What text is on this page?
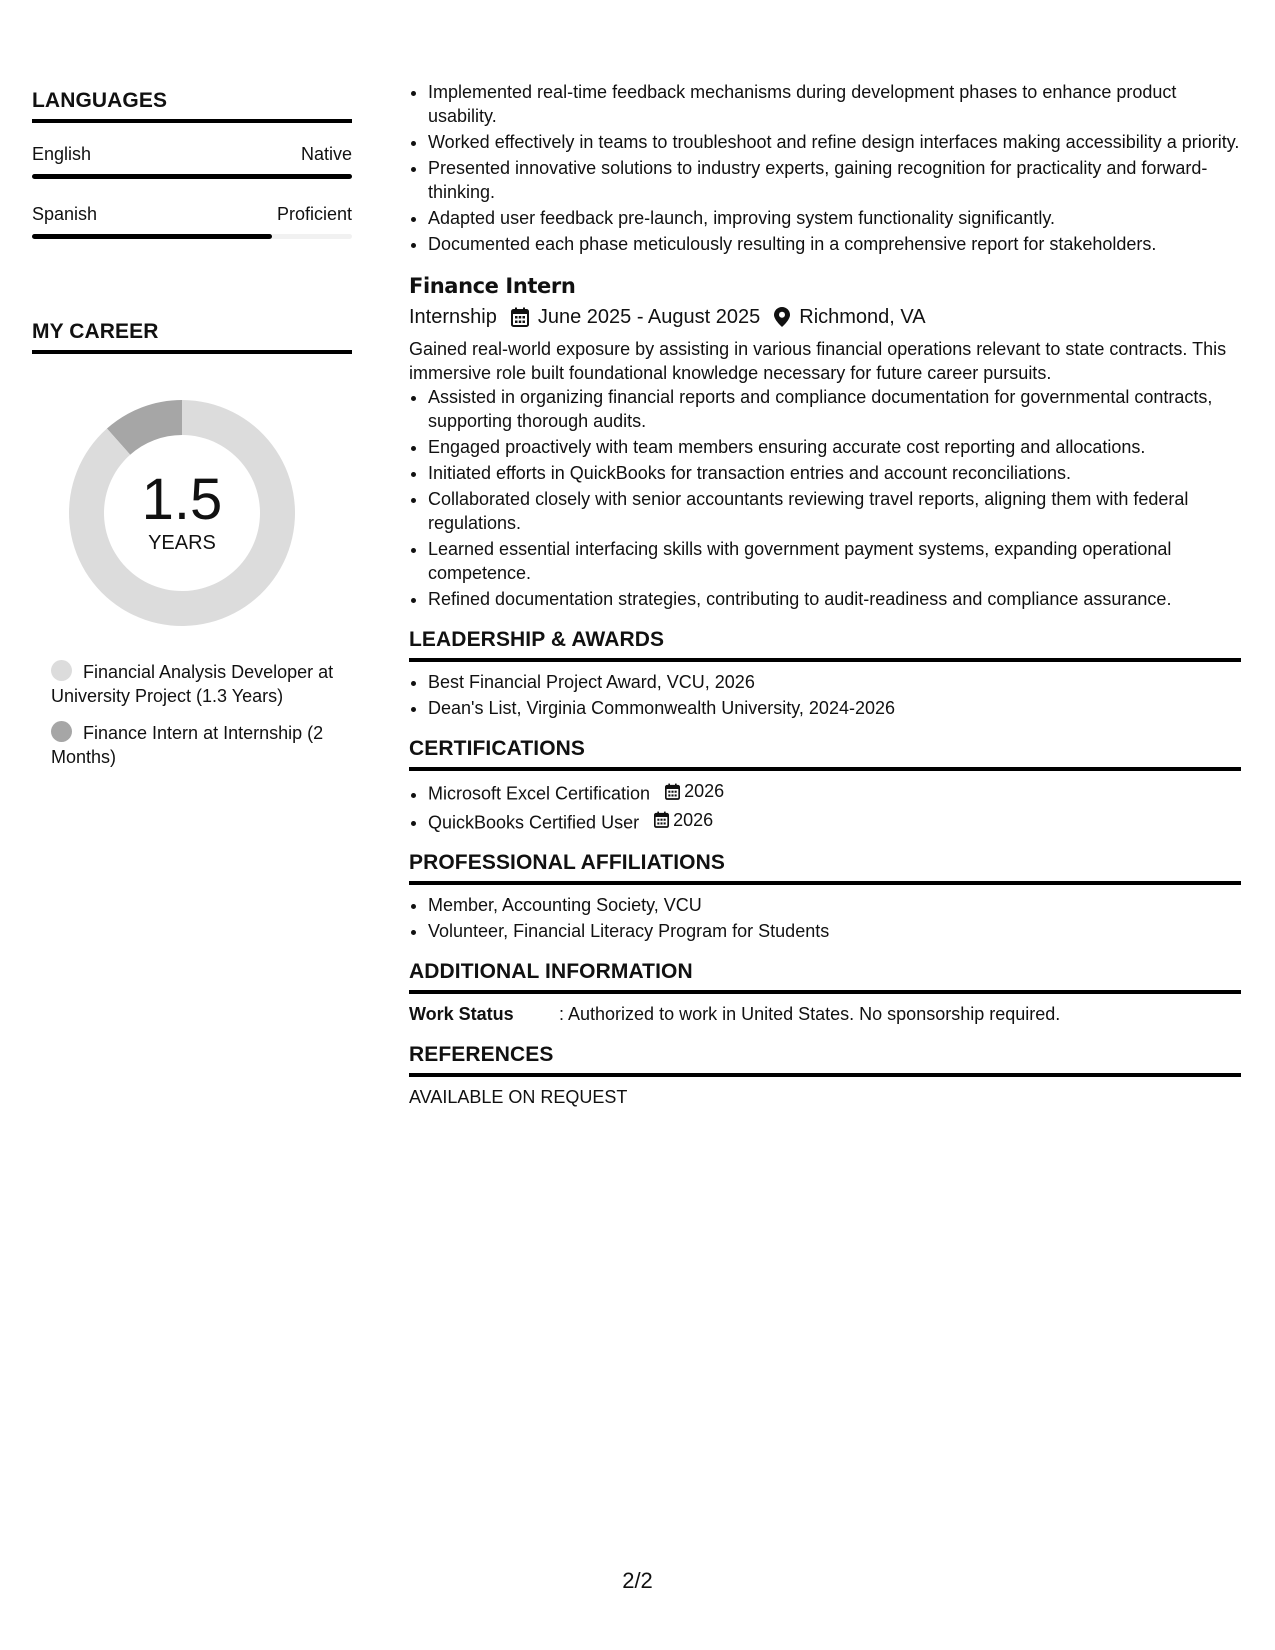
LANGUAGES
English	Native
Spanish	Proficient
MY CAREER
1.5
YEARS
Financial Analysis Developer at University Project (1.3 Years)
Finance Intern at Internship (2 Months)
• Implemented real-time feedback mechanisms during development phases to enhance product usability.
• Worked effectively in teams to troubleshoot and refine design interfaces making accessibility a priority.
• Presented innovative solutions to industry experts, gaining recognition for practicality and forward-thinking.
• Adapted user feedback pre-launch, improving system functionality significantly.
• Documented each phase meticulously resulting in a comprehensive report for stakeholders.
Finance Intern
Internship June 2025 - August 2025 Richmond, VA
Gained real-world exposure by assisting in various financial operations relevant to state contracts. This immersive role built foundational knowledge necessary for future career pursuits.
• Assisted in organizing financial reports and compliance documentation for governmental contracts, supporting thorough audits.
• Engaged proactively with team members ensuring accurate cost reporting and allocations.
• Initiated efforts in QuickBooks for transaction entries and account reconciliations.
• Collaborated closely with senior accountants reviewing travel reports, aligning them with federal regulations.
• Learned essential interfacing skills with government payment systems, expanding operational competence.
• Refined documentation strategies, contributing to audit-readiness and compliance assurance.
LEADERSHIP & AWARDS
• Best Financial Project Award, VCU, 2026
• Dean's List, Virginia Commonwealth University, 2024-2026
CERTIFICATIONS
• Microsoft Excel Certification 2026
• QuickBooks Certified User 2026
PROFESSIONAL AFFILIATIONS
• Member, Accounting Society, VCU
• Volunteer, Financial Literacy Program for Students
ADDITIONAL INFORMATION
Work Status	: Authorized to work in United States. No sponsorship required.
REFERENCES
AVAILABLE ON REQUEST
2/2
